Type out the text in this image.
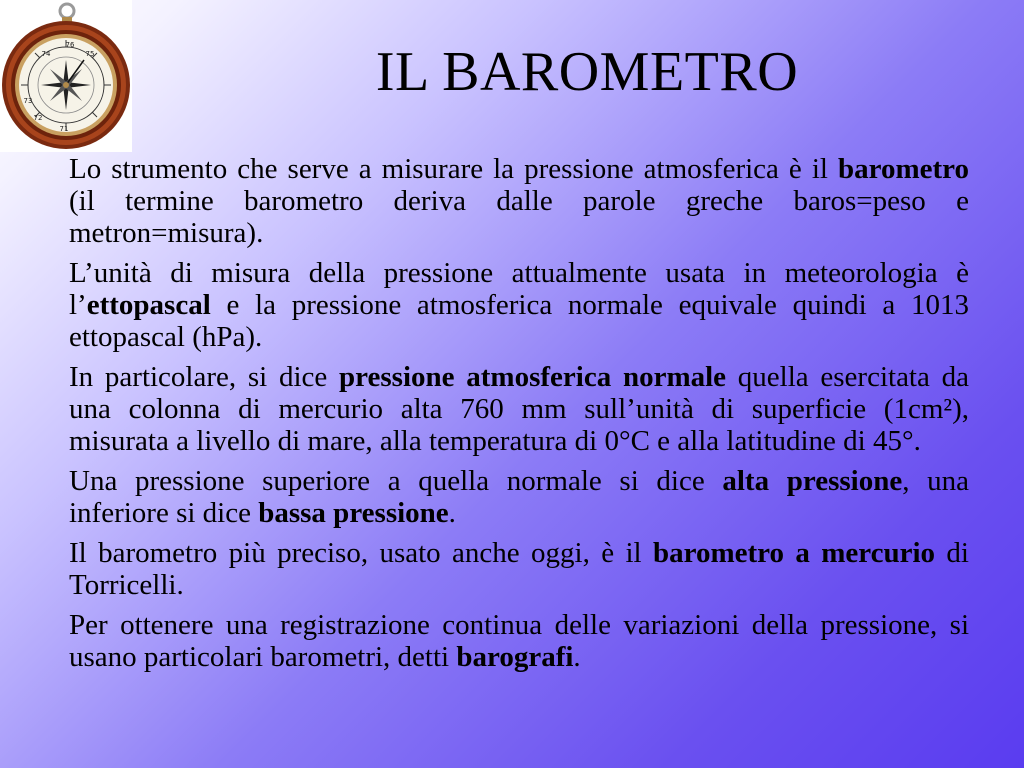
76
75
74
73
72
71
IL BAROMETRO

Lo strumento che serve a misurare la pressione atmosferica è il barometro (il termine barometro deriva dalle parole greche baros=peso e metron=misura).

L’unità di misura della pressione attualmente usata in meteorologia è l’ettopascal e la pressione atmosferica normale equivale quindi a 1013 ettopascal (hPa).

In particolare, si dice pressione atmosferica normale quella esercitata da una colonna di mercurio alta 760 mm sull’unità di superficie (1cm²), misurata a livello di mare, alla temperatura di 0°C e alla latitudine di 45°.

Una pressione superiore a quella normale si dice alta pressione, una inferiore si dice bassa pressione.

Il barometro più preciso, usato anche oggi, è il barometro a mercurio di Torricelli.

Per ottenere una registrazione continua delle variazioni della pressione, si usano particolari barometri, detti barografi.
